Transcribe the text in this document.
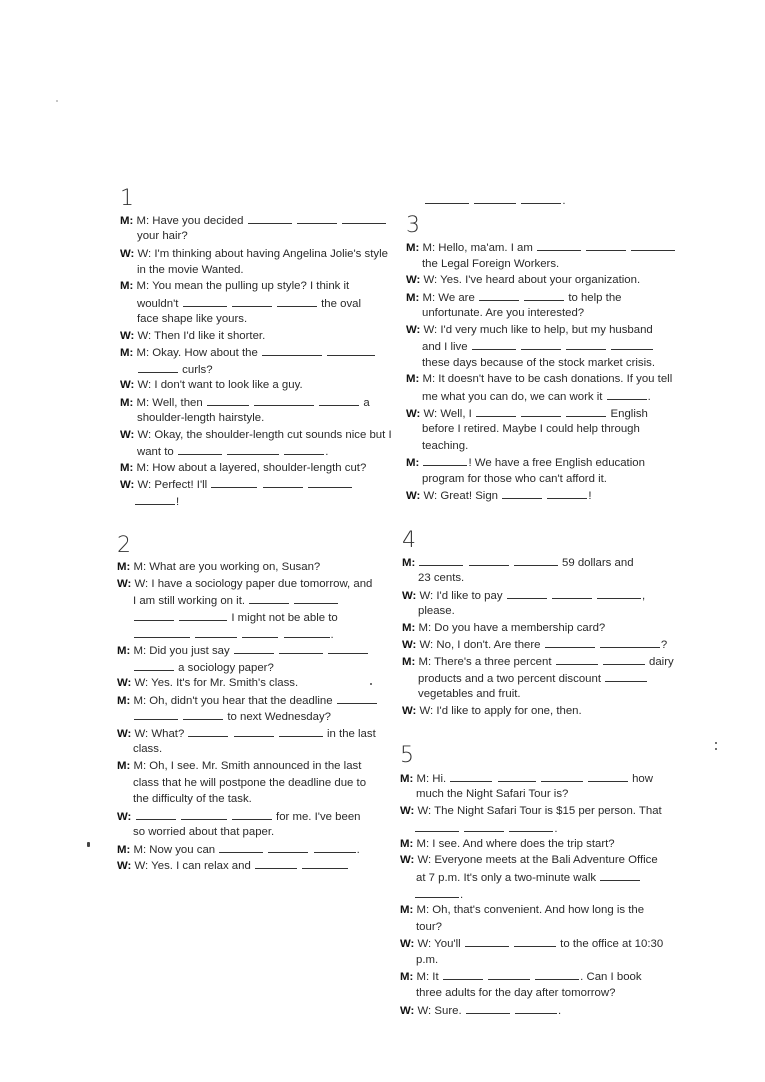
1
M: M: Have you decided
your hair?
W: W: I'm thinking about having Angelina Jolie's style
in the movie Wanted.
M: M: You mean the pulling up style? I think it
wouldn't	the oval
face shape like yours.
W: W: Then I'd like it shorter.
M: M: Okay. How about the
curls?
W: W: I don't want to look like a guy.
M: M: Well, then	a
shoulder-length hairstyle.
W: W: Okay, the shoulder-length cut sounds nice but I
want to	.
M: M: How about a layered, shoulder-length cut?
W: W: Perfect! I'll
!
2
M: M: What are you working on, Susan?
W: W: I have a sociology paper due tomorrow, and
I am still working on it.
I might not be able to
.
M: M: Did you just say
a sociology paper?
W: W: Yes. It's for Mr. Smith's class.
M: M: Oh, didn't you hear that the deadline
to next Wednesday?
W: W: What?	in the last
class.
M: M: Oh, I see. Mr. Smith announced in the last
class that he will postpone the deadline due to
the difficulty of the task.
W:	for me. I've been
so worried about that paper.
M: M: Now you can	.
W: W: Yes. I can relax and
.
3
M: M: Hello, ma'am. I am
the Legal Foreign Workers.
W: W: Yes. I've heard about your organization.
M: M: We are	to help the
unfortunate. Are you interested?
W: W: I'd very much like to help, but my husband
and I live
these days because of the stock market crisis.
M: M: It doesn't have to be cash donations. If you tell
me what you can do, we can work it	.
W: W: Well, I	English
before I retired. Maybe I could help through
teaching.
M:	! We have a free English education
program for those who can't afford it.
W: W: Great! Sign	!
4
M:	59 dollars and
23 cents.
W: W: I'd like to pay	,
please.
M: M: Do you have a membership card?
W: W: No, I don't. Are there	?
M: M: There's a three percent	dairy
products and a two percent discount
vegetables and fruit.
W: W: I'd like to apply for one, then.
5
M: M: Hi.	how
much the Night Safari Tour is?
W: W: The Night Safari Tour is $15 per person. That
.
M: M: I see. And where does the trip start?
W: W: Everyone meets at the Bali Adventure Office
at 7 p.m. It's only a two-minute walk
.
M: M: Oh, that's convenient. And how long is the
tour?
W: W: You'll	to the office at 10:30
p.m.
M: M: It	. Can I book
three adults for the day after tomorrow?
W: W: Sure.	.
